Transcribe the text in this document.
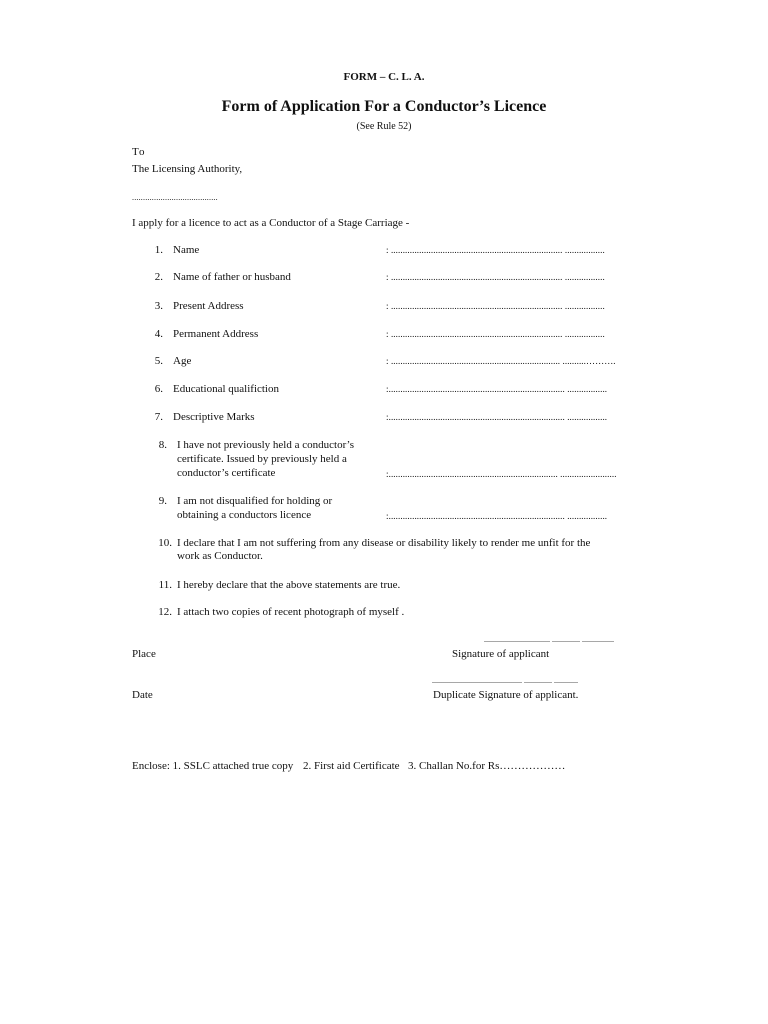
FORM – C. L. A.
Form of Application For a Conductor’s Licence
(See Rule 52)
To
The Licensing Authority,
.......................................
I apply for a licence to act as a Conductor of a Stage Carriage -
1. Name	: ......................................................................... .................
2. Name of father or husband	: ......................................................................... .................
3. Present Address	: ......................................................................... .................
4. Permanent Address	: ......................................................................... .................
5. Age	: ........................................................................ ..........……….
6. Educational qualifiction	:........................................................................... .................
7. Descriptive Marks	:........................................................................... .................
8. I have not previously held a conductor’s certificate. Issued by previously held a conductor’s certificate	:........................................................................ ........................
9. I am not disqualified for holding or obtaining a conductors licence	:........................................................................... .................
10. I declare that I am not suffering from any disease or disability likely to render me unfit for the work as Conductor.
11. I hereby declare that the above statements are true.
12. I attach two copies of recent photograph of myself .
................................. .............. ................
Place	Signature of applicant
............................................. .............. ............
Date	Duplicate Signature of applicant.
Enclose: 1. SSLC attached true copy 2. First aid Certificate 3. Challan No.for Rs………………
